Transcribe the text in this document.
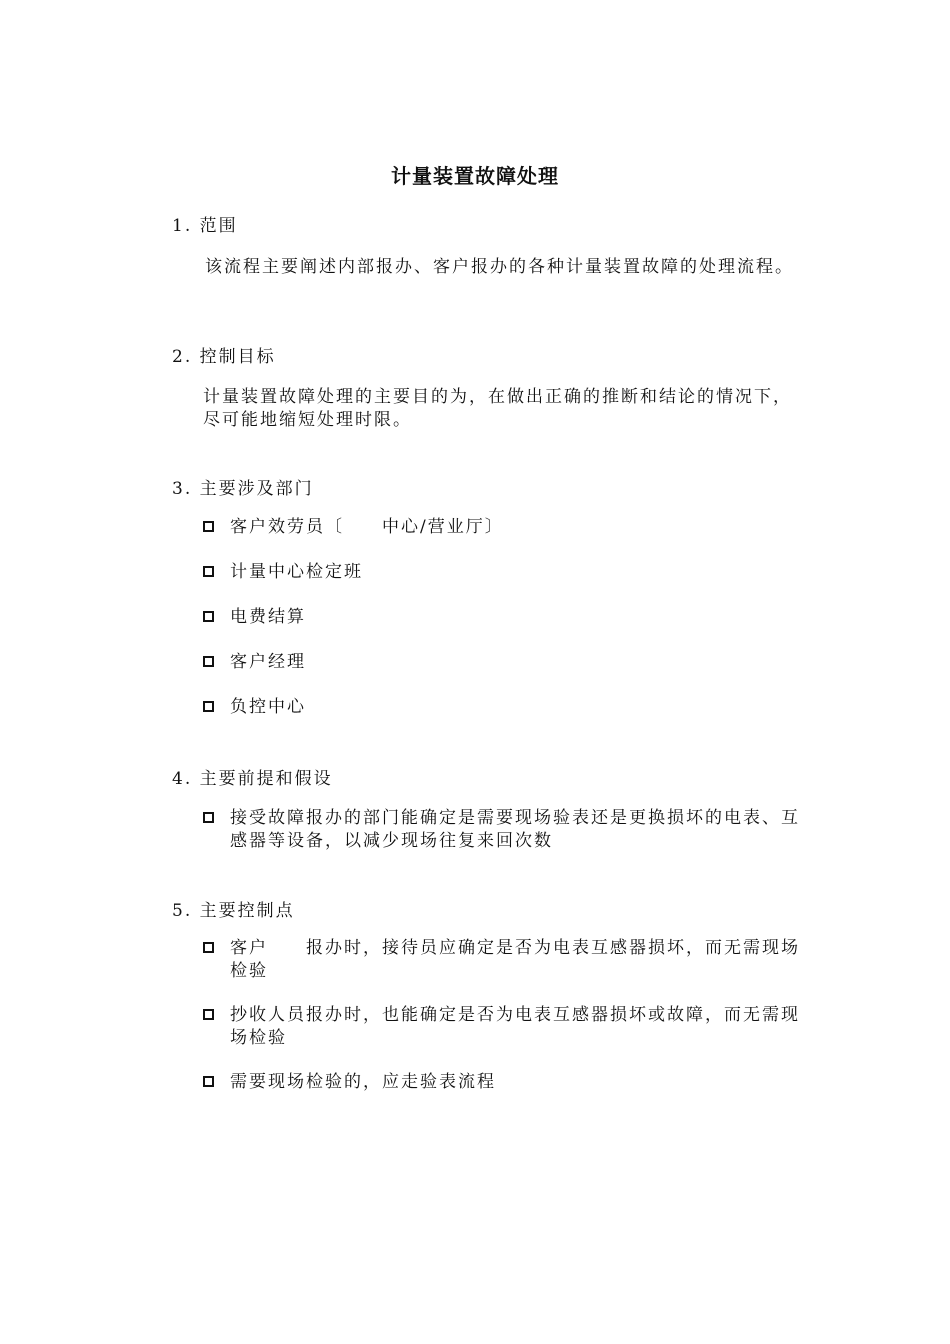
计量装置故障处理
1. 范围
该流程主要阐述内部报办、客户报办的各种计量装置故障的处理流程。
2. 控制目标
计量装置故障处理的主要目的为，在做出正确的推断和结论的情况下，尽可能地缩短处理时限。
3. 主要涉及部门
客户效劳员〔　　中心/营业厅〕
计量中心检定班
电费结算
客户经理
负控中心
4. 主要前提和假设
接受故障报办的部门能确定是需要现场验表还是更换损坏的电表、互感器等设备，以减少现场往复来回次数
5. 主要控制点
客户　　报办时，接待员应确定是否为电表互感器损坏，而无需现场检验
抄收人员报办时，也能确定是否为电表互感器损坏或故障，而无需现场检验
需要现场检验的，应走验表流程
